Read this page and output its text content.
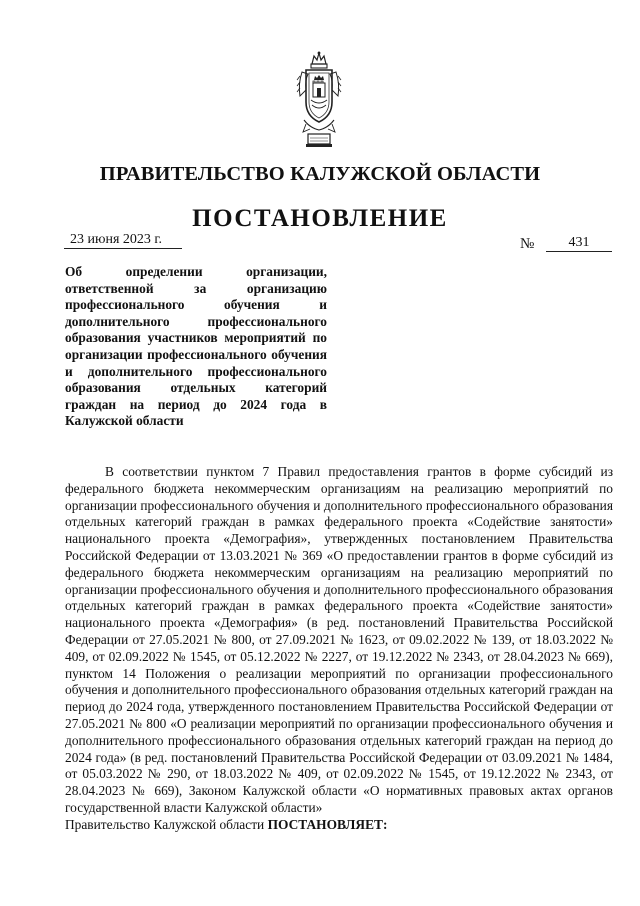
ПРАВИТЕЛЬСТВО КАЛУЖСКОЙ ОБЛАСТИ
ПОСТАНОВЛЕНИЕ
23 июня 2023 г.	№	431
Об определении организации, ответственной за организацию профессионального обучения и дополнительного профессионального образования участников мероприятий по организации профессионального обучения и дополнительного профессионального образования отдельных категорий граждан на период до 2024 года в Калужской области

В соответствии пунктом 7 Правил предоставления грантов в форме субсидий из федерального бюджета некоммерческим организациям на реализацию мероприятий по организации профессионального обучения и дополнительного профессионального образования отдельных категорий граждан в рамках федерального проекта «Содействие занятости» национального проекта «Демография», утвержденных постановлением Правительства Российской Федерации от 13.03.2021 № 369 «О предоставлении грантов в форме субсидий из федерального бюджета некоммерческим организациям на реализацию мероприятий по организации профессионального обучения и дополнительного профессионального образования отдельных категорий граждан в рамках федерального проекта «Содействие занятости» национального проекта «Демография» (в ред. постановлений Правительства Российской Федерации от 27.05.2021 № 800, от 27.09.2021 № 1623, от 09.02.2022 № 139, от 18.03.2022 № 409, от 02.09.2022 № 1545, от 05.12.2022 № 2227, от 19.12.2022 № 2343, от 28.04.2023 № 669), пунктом 14 Положения о реализации мероприятий по организации профессионального обучения и дополнительного профессионального образования отдельных категорий граждан на период до 2024 года, утвержденного постановлением Правительства Российской Федерации от 27.05.2021 № 800 «О реализации мероприятий по организации профессионального обучения и дополнительного профессионального образования отдельных категорий граждан на период до 2024 года» (в ред. постановлений Правительства Российской Федерации от 03.09.2021 № 1484, от 05.03.2022 № 290, от 18.03.2022 № 409, от 02.09.2022 № 1545, от 19.12.2022 № 2343, от 28.04.2023 № 669), Законом Калужской области «О нормативных правовых актах органов государственной власти Калужской области»
Правительство Калужской области ПОСТАНОВЛЯЕТ:
